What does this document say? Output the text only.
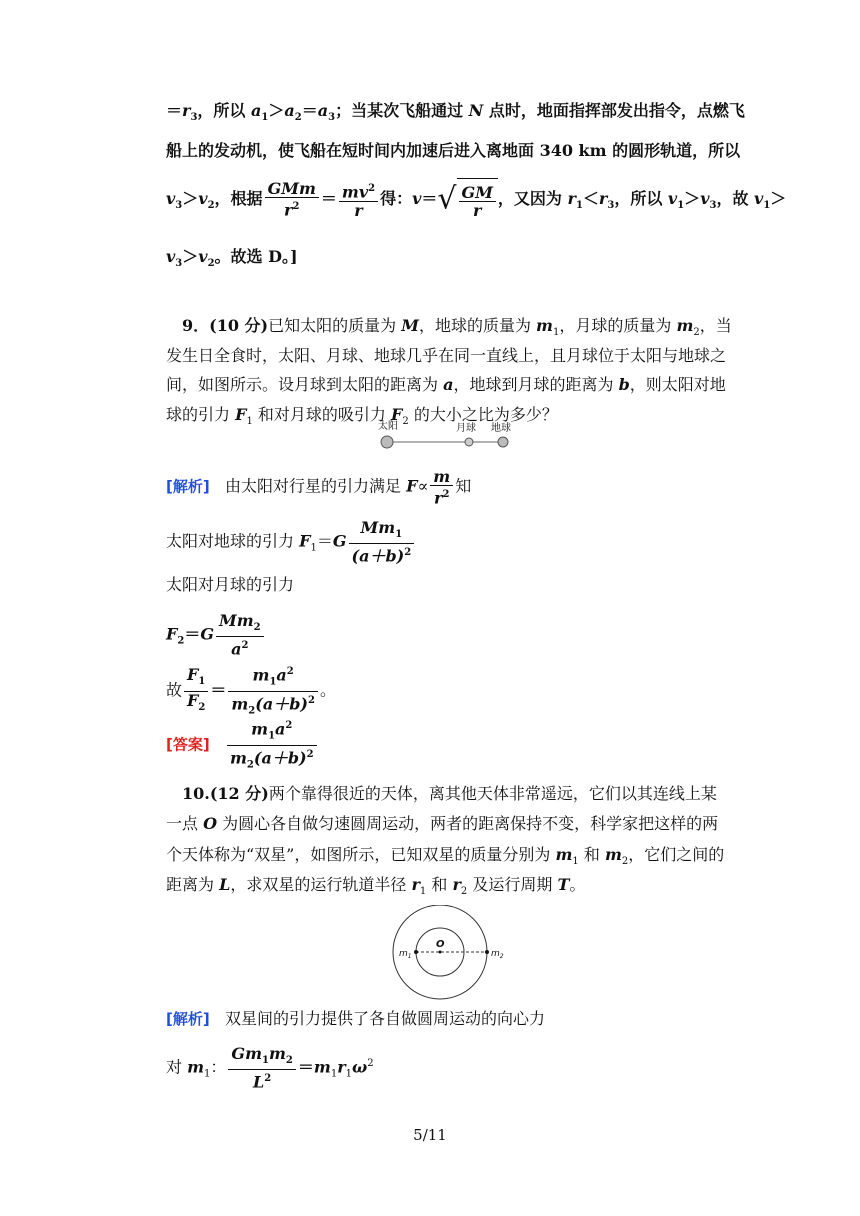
$=r_3$，所以 $a_1>a_2=a_3$；当某次飞船通过 N 点时，地面指挥部发出指令，点燃飞
船上的发动机，使飞船在短时间内加速后进入离地面 340 km 的圆形轨道，所以
$v_3>v_2$，根据 $\frac{\text{GMm}}{r^2} = \frac{mv^2}{r}$ 得：$v=√ \frac{GM}{r}$ ，又因为 $r_1<r_3$，所以 $v_1>v_3$，故 $v_1>$
$v_3>v_2$。故选 D。]
9．(10 分)已知太阳的质量为 M，地球的质量为 $m_1$，月球的质量为 $m_2$，当
发生日全食时，太阳、月球、地球几乎在同一直线上，且月球位于太阳与地球之
间，如图所示。设月球到太阳的距离为 a，地球到月球的距离为 b，则太阳对地
球的引力 $F_1$ 和对月球的吸引力 $F_2$ 的大小之比为多少？
太阳	月球 地球
[解析] 由太阳对行星的引力满足 $F\propto \frac{m}{r^2}$ 知
太阳对地球的引力 $F_1=G \frac{Mm_1}{(a+b)^2}$
太阳对月球的引力
$F_2=G \frac{Mm_2}{a^2}$
故 $\frac{F_1}{F_2} = \frac{m_1a^2}{m_2(a+b)^2}$ 。
[答案] $\frac{m_1a^2}{m_2(a+b)^2}$
10.(12 分)两个靠得很近的天体，离其他天体非常遥远，它们以其连线上某
一点 O 为圆心各自做匀速圆周运动，两者的距离保持不变，科学家把这样的两
个天体称为“双星”，如图所示，已知双星的质量分别为 $m_1$ 和 $m_2$，它们之间的
距离为 L，求双星的运行轨道半径 $r_1$ 和 $r_2$ 及运行周期 T。
O
$m_1$	$m_2$
[解析] 双星间的引力提供了各自做圆周运动的向心力
对 $m_1$： $\frac{Gm_1m_2}{L^2} =m_1r_1\omega^2$
5/11
